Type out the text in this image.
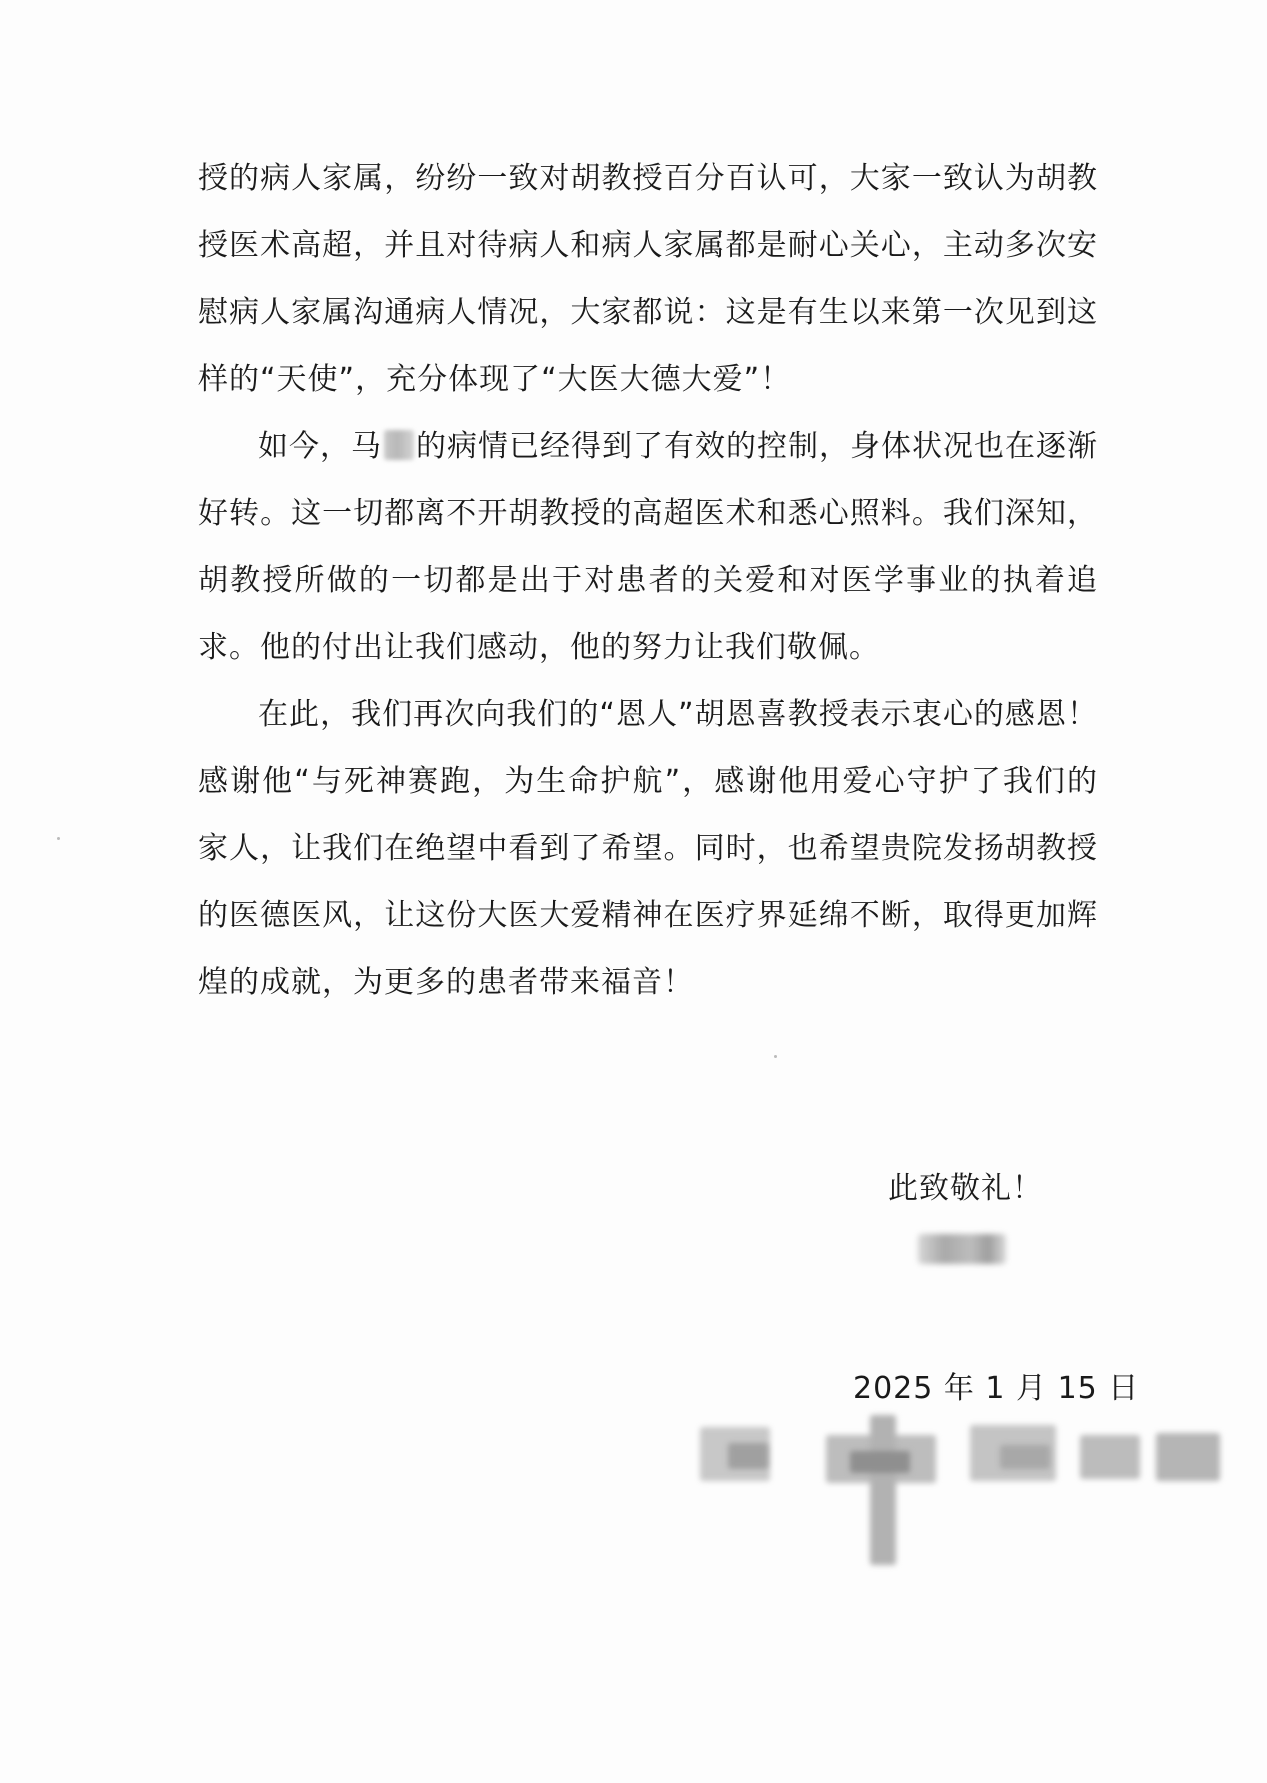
授的病人家属，纷纷一致对胡教授百分百认可，大家一致认为胡教授医术高超，并且对待病人和病人家属都是耐心关心，主动多次安慰病人家属沟通病人情况，大家都说：这是有生以来第一次见到这样的“天使”，充分体现了“大医大德大爱”！

如今，马 的病情已经得到了有效的控制，身体状况也在逐渐好转。这一切都离不开胡教授的高超医术和悉心照料。我们深知，胡教授所做的一切都是出于对患者的关爱和对医学事业的执着追求。他的付出让我们感动，他的努力让我们敬佩。

在此，我们再次向我们的“恩人”胡恩喜教授表示衷心的感恩！感谢他“与死神赛跑，为生命护航”，感谢他用爱心守护了我们的家人，让我们在绝望中看到了希望。同时，也希望贵院发扬胡教授的医德医风，让这份大医大爱精神在医疗界延绵不断，取得更加辉煌的成就，为更多的患者带来福音！

此致敬礼！
2025 年 1 月 15 日
